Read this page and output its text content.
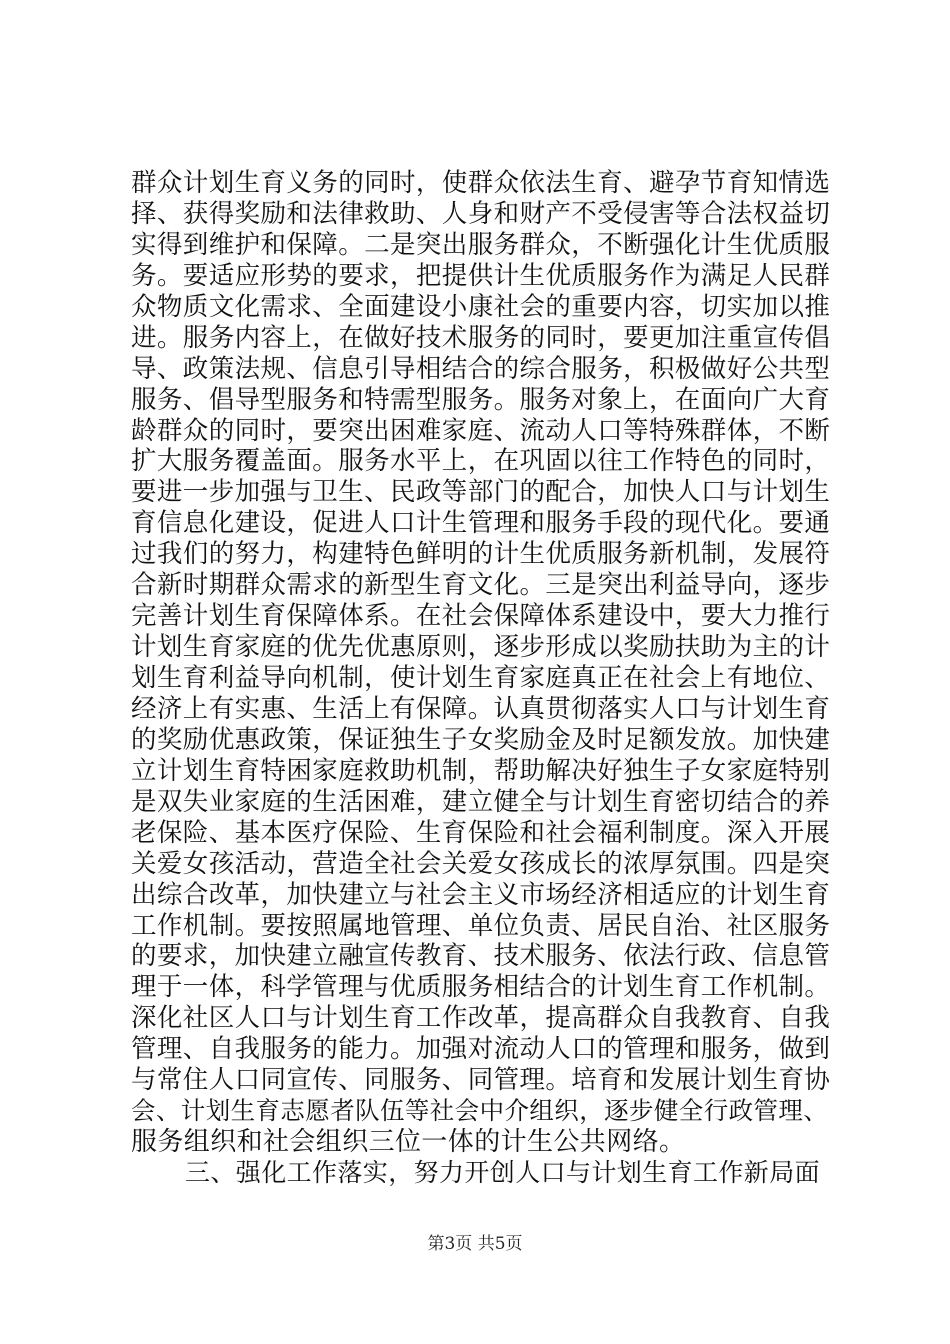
群众计划生育义务的同时，使群众依法生育、避孕节育知情选
择、获得奖励和法律救助、人身和财产不受侵害等合法权益切
实得到维护和保障。二是突出服务群众，不断强化计生优质服
务。要适应形势的要求，把提供计生优质服务作为满足人民群
众物质文化需求、全面建设小康社会的重要内容，切实加以推
进。服务内容上，在做好技术服务的同时，要更加注重宣传倡
导、政策法规、信息引导相结合的综合服务，积极做好公共型
服务、倡导型服务和特需型服务。服务对象上，在面向广大育
龄群众的同时，要突出困难家庭、流动人口等特殊群体，不断
扩大服务覆盖面。服务水平上，在巩固以往工作特色的同时，
要进一步加强与卫生、民政等部门的配合，加快人口与计划生
育信息化建设，促进人口计生管理和服务手段的现代化。要通
过我们的努力，构建特色鲜明的计生优质服务新机制，发展符
合新时期群众需求的新型生育文化。三是突出利益导向，逐步
完善计划生育保障体系。在社会保障体系建设中，要大力推行
计划生育家庭的优先优惠原则，逐步形成以奖励扶助为主的计
划生育利益导向机制，使计划生育家庭真正在社会上有地位、
经济上有实惠、生活上有保障。认真贯彻落实人口与计划生育
的奖励优惠政策，保证独生子女奖励金及时足额发放。加快建
立计划生育特困家庭救助机制，帮助解决好独生子女家庭特别
是双失业家庭的生活困难，建立健全与计划生育密切结合的养
老保险、基本医疗保险、生育保险和社会福利制度。深入开展
关爱女孩活动，营造全社会关爱女孩成长的浓厚氛围。四是突
出综合改革，加快建立与社会主义市场经济相适应的计划生育
工作机制。要按照属地管理、单位负责、居民自治、社区服务
的要求，加快建立融宣传教育、技术服务、依法行政、信息管
理于一体，科学管理与优质服务相结合的计划生育工作机制。
深化社区人口与计划生育工作改革，提高群众自我教育、自我
管理、自我服务的能力。加强对流动人口的管理和服务，做到
与常住人口同宣传、同服务、同管理。培育和发展计划生育协
会、计划生育志愿者队伍等社会中介组织，逐步健全行政管理、
服务组织和社会组织三位一体的计生公共网络。
三、强化工作落实，努力开创人口与计划生育工作新局面
第3页 共5页
